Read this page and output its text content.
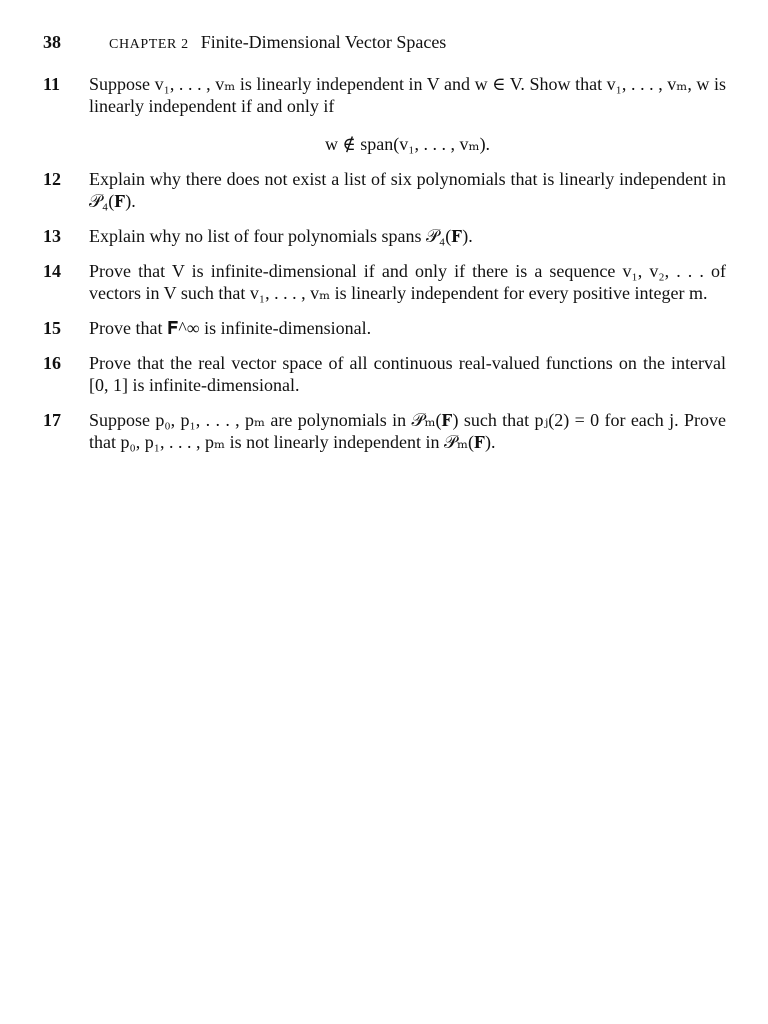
38	CHAPTER 2 Finite-Dimensional Vector Spaces
11 Suppose v₁, . . . , vₘ is linearly independent in V and w ∈ V. Show that v₁, . . . , vₘ, w is linearly independent if and only if
w ∉ span(v₁, . . . , vₘ).
12 Explain why there does not exist a list of six polynomials that is linearly independent in 𝒫₄(𝐅).
13 Explain why no list of four polynomials spans 𝒫₄(𝐅).
14 Prove that V is infinite-dimensional if and only if there is a sequence v₁, v₂, . . . of vectors in V such that v₁, . . . , vₘ is linearly independent for every positive integer m.
15 Prove that 𝐅^∞ is infinite-dimensional.
16 Prove that the real vector space of all continuous real-valued functions on the interval [0, 1] is infinite-dimensional.
17 Suppose p₀, p₁, . . . , pₘ are polynomials in 𝒫ₘ(𝐅) such that pⱼ(2) = 0 for each j. Prove that p₀, p₁, . . . , pₘ is not linearly independent in 𝒫ₘ(𝐅).
